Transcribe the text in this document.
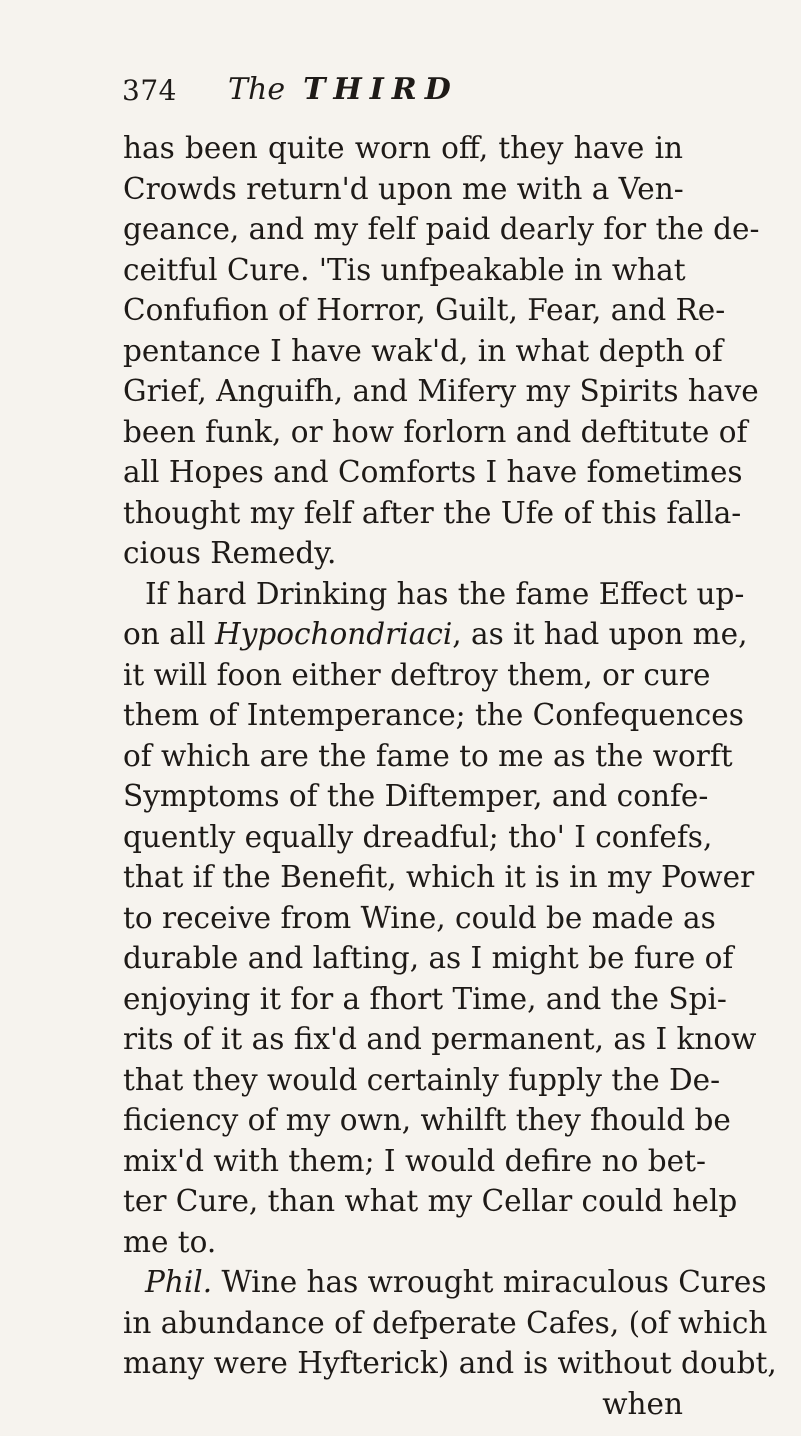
374 The THIRD
has been quite worn off, they have in
Crowds return'd upon me with a Ven-
geance, and my felf paid dearly for the de-
ceitful Cure. 'Tis unfpeakable in what
Confufion of Horror, Guilt, Fear, and Re-
pentance I have wak'd, in what depth of
Grief, Anguifh, and Mifery my Spirits have
been funk, or how forlorn and deftitute of
all Hopes and Comforts I have fometimes
thought my felf after the Ufe of this falla-
cious Remedy.
If hard Drinking has the fame Effect up-
on all Hypochondriaci, as it had upon me,
it will foon either deftroy them, or cure
them of Intemperance; the Confequences
of which are the fame to me as the worft
Symptoms of the Diftemper, and confe-
quently equally dreadful; tho' I confefs,
that if the Benefit, which it is in my Power
to receive from Wine, could be made as
durable and lafting, as I might be fure of
enjoying it for a fhort Time, and the Spi-
rits of it as fix'd and permanent, as I know
that they would certainly fupply the De-
ficiency of my own, whilft they fhould be
mix'd with them; I would defire no bet-
ter Cure, than what my Cellar could help
me to.
Phil. Wine has wrought miraculous Cures
in abundance of defperate Cafes, (of which
many were Hyfterick) and is without doubt,
when
